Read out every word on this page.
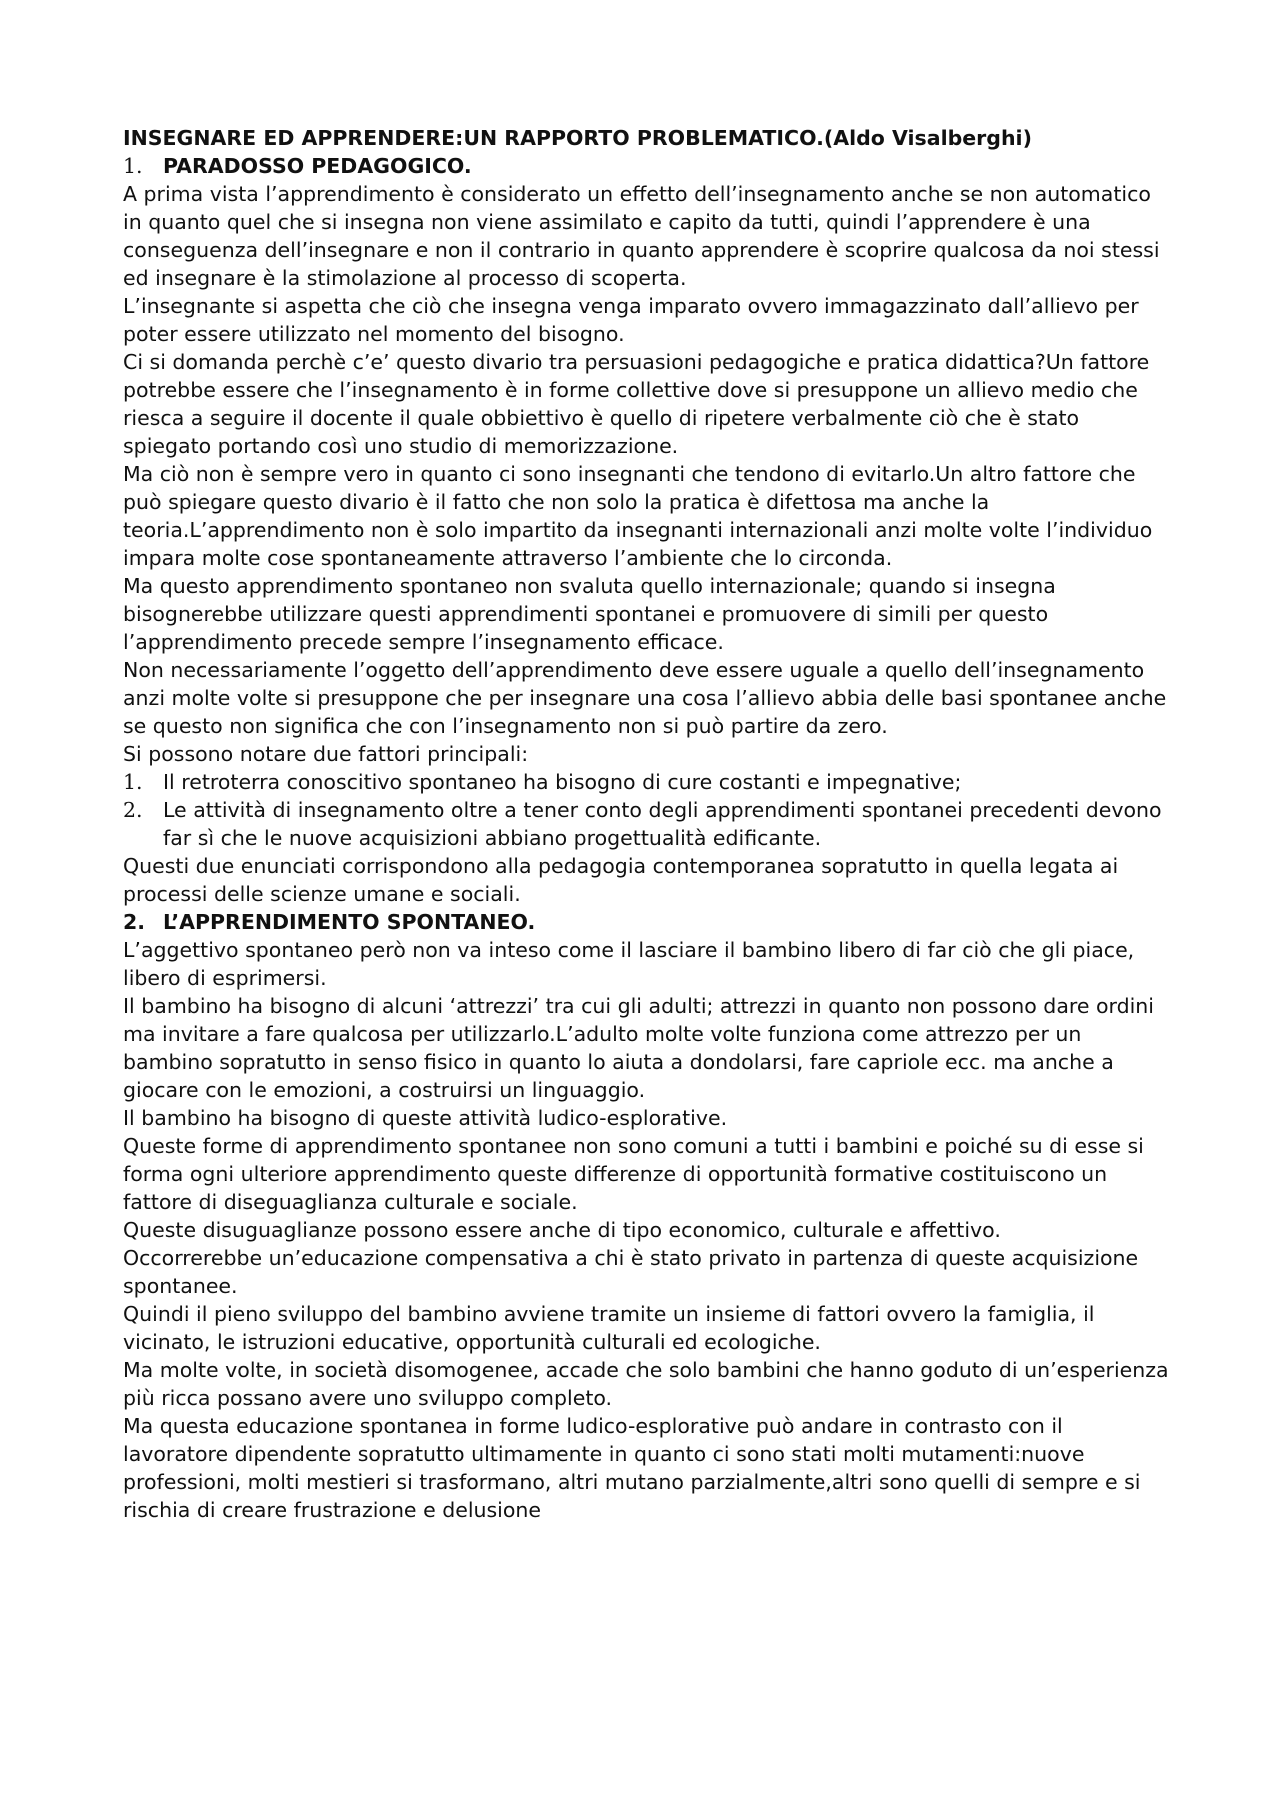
INSEGNARE ED APPRENDERE:UN RAPPORTO PROBLEMATICO.(Aldo Visalberghi)

1. PARADOSSO PEDAGOGICO.

A prima vista l’apprendimento è considerato un effetto dell’insegnamento anche se non automatico in quanto quel che si insegna non viene assimilato e capito da tutti, quindi l’apprendere è una conseguenza dell’insegnare e non il contrario in quanto apprendere è scoprire qualcosa da noi stessi ed insegnare è la stimolazione al processo di scoperta.

L’insegnante si aspetta che ciò che insegna venga imparato ovvero immagazzinato dall’allievo per poter essere utilizzato nel momento del bisogno.

Ci si domanda perchè c’e’ questo divario tra persuasioni pedagogiche e pratica didattica?Un fattore potrebbe essere che l’insegnamento è in forme collettive dove si presuppone un allievo medio che riesca a seguire il docente il quale obbiettivo è quello di ripetere verbalmente ciò che è stato spiegato portando così uno studio di memorizzazione.

Ma ciò non è sempre vero in quanto ci sono insegnanti che tendono di evitarlo.Un altro fattore che può spiegare questo divario è il fatto che non solo la pratica è difettosa ma anche la teoria.L’apprendimento non è solo impartito da insegnanti internazionali anzi molte volte l’individuo impara molte cose spontaneamente attraverso l’ambiente che lo circonda.

Ma questo apprendimento spontaneo non svaluta quello internazionale; quando si insegna bisognerebbe utilizzare questi apprendimenti spontanei e promuovere di simili per questo l’apprendimento precede sempre l’insegnamento efficace.

Non necessariamente l’oggetto dell’apprendimento deve essere uguale a quello dell’insegnamento anzi molte volte si presuppone che per insegnare una cosa l’allievo abbia delle basi spontanee anche se questo non significa che con l’insegnamento non si può partire da zero.

Si possono notare due fattori principali:

1. Il retroterra conoscitivo spontaneo ha bisogno di cure costanti e impegnative;
2. Le attività di insegnamento oltre a tener conto degli apprendimenti spontanei precedenti devono far sì che le nuove acquisizioni abbiano progettualità edificante.

Questi due enunciati corrispondono alla pedagogia contemporanea sopratutto in quella legata ai processi delle scienze umane e sociali.

2. L’APPRENDIMENTO SPONTANEO.

L’aggettivo spontaneo però non va inteso come il lasciare il bambino libero di far ciò che gli piace, libero di esprimersi.

Il bambino ha bisogno di alcuni ‘attrezzi’ tra cui gli adulti; attrezzi in quanto non possono dare ordini ma invitare a fare qualcosa per utilizzarlo.L’adulto molte volte funziona come attrezzo per un bambino sopratutto in senso fisico in quanto lo aiuta a dondolarsi, fare capriole ecc. ma anche a giocare con le emozioni, a costruirsi un linguaggio.

Il bambino ha bisogno di queste attività ludico-esplorative.

Queste forme di apprendimento spontanee non sono comuni a tutti i bambini e poiché su di esse si forma ogni ulteriore apprendimento queste differenze di opportunità formative costituiscono un fattore di diseguaglianza culturale e sociale.

Queste disuguaglianze possono essere anche di tipo economico, culturale e affettivo.

Occorrerebbe un’educazione compensativa a chi è stato privato in partenza di queste acquisizione spontanee.

Quindi il pieno sviluppo del bambino avviene tramite un insieme di fattori ovvero la famiglia, il vicinato, le istruzioni educative, opportunità culturali ed ecologiche.

Ma molte volte, in società disomogenee, accade che solo bambini che hanno goduto di un’esperienza più ricca possano avere uno sviluppo completo.

Ma questa educazione spontanea in forme ludico-esplorative può andare in contrasto con il lavoratore dipendente sopratutto ultimamente in quanto ci sono stati molti mutamenti:nuove professioni, molti mestieri si trasformano, altri mutano parzialmente,altri sono quelli di sempre e si rischia di creare frustrazione e delusione
